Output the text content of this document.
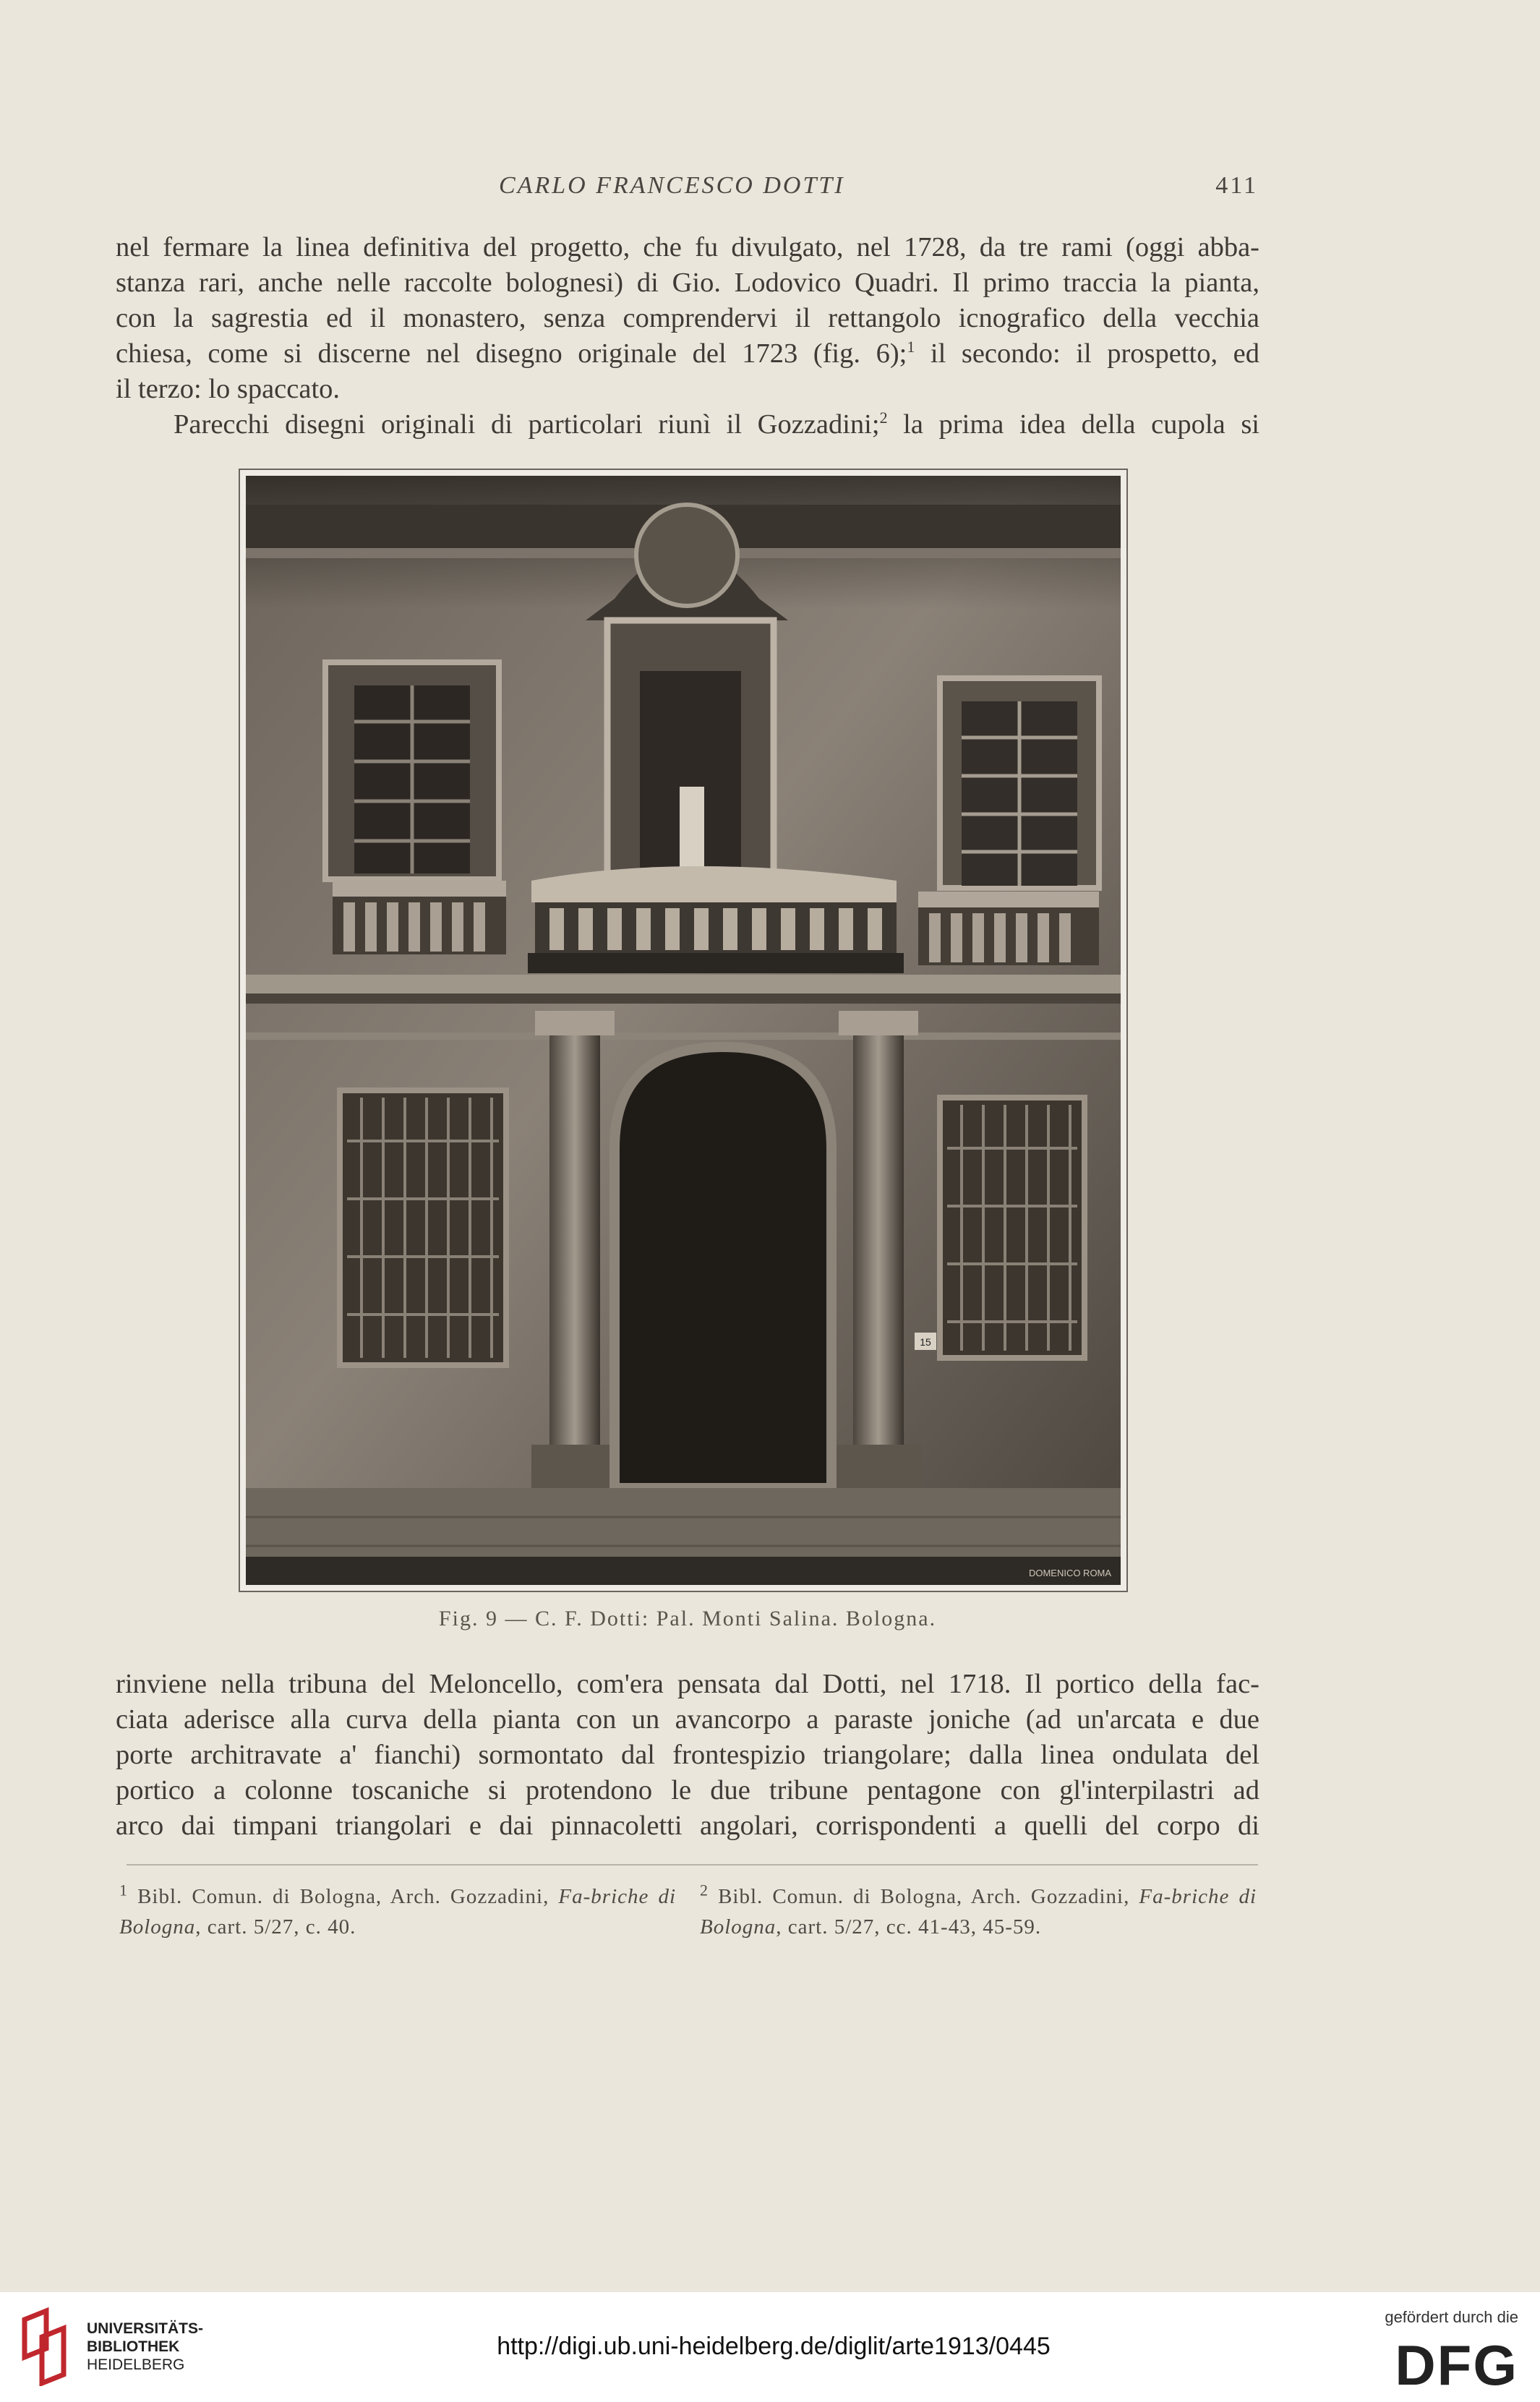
CARLO FRANCESCO DOTTI	411

nel fermare la linea definitiva del progetto, che fu divulgato, nel 1728, da tre rami (oggi abba-

stanza rari, anche nelle raccolte bolognesi) di Gio. Lodovico Quadri. Il primo traccia la pianta,

con la sagrestia ed il monastero, senza comprendervi il rettangolo icnografico della vecchia

chiesa, come si discerne nel disegno originale del 1723 (fig. 6);$^1$ il secondo: il prospetto, ed

il terzo: lo spaccato.

Parecchi disegni originali di particolari riunì il Gozzadini;$^2$ la prima idea della cupola si

15
DOMENICO ROMA
Fig. 9 — C. F. Dotti: Pal. Monti Salina. Bologna.

rinviene nella tribuna del Meloncello, com'era pensata dal Dotti, nel 1718. Il portico della fac-

ciata aderisce alla curva della pianta con un avancorpo a paraste joniche (ad un'arcata e due

porte architravate a' fianchi) sormontato dal frontespizio triangolare; dalla linea ondulata del

portico a colonne toscaniche si protendono le due tribune pentagone con gl'interpilastri ad

arco dai timpani triangolari e dai pinnacoletti angolari, corrispondenti a quelli del corpo di

$^1$ Bibl. Comun. di Bologna, Arch. Gozzadini, Fa-briche di Bologna, cart. 5/27, c. 40.
$^2$ Bibl. Comun. di Bologna, Arch. Gozzadini, Fa-briche di Bologna, cart. 5/27, cc. 41-43, 45-59.
UNIVERSITÄTS-
BIBLIOTHEK
HEIDELBERG
http://digi.ub.uni-heidelberg.de/diglit/arte1913/0445
gefördert durch die
DFG
